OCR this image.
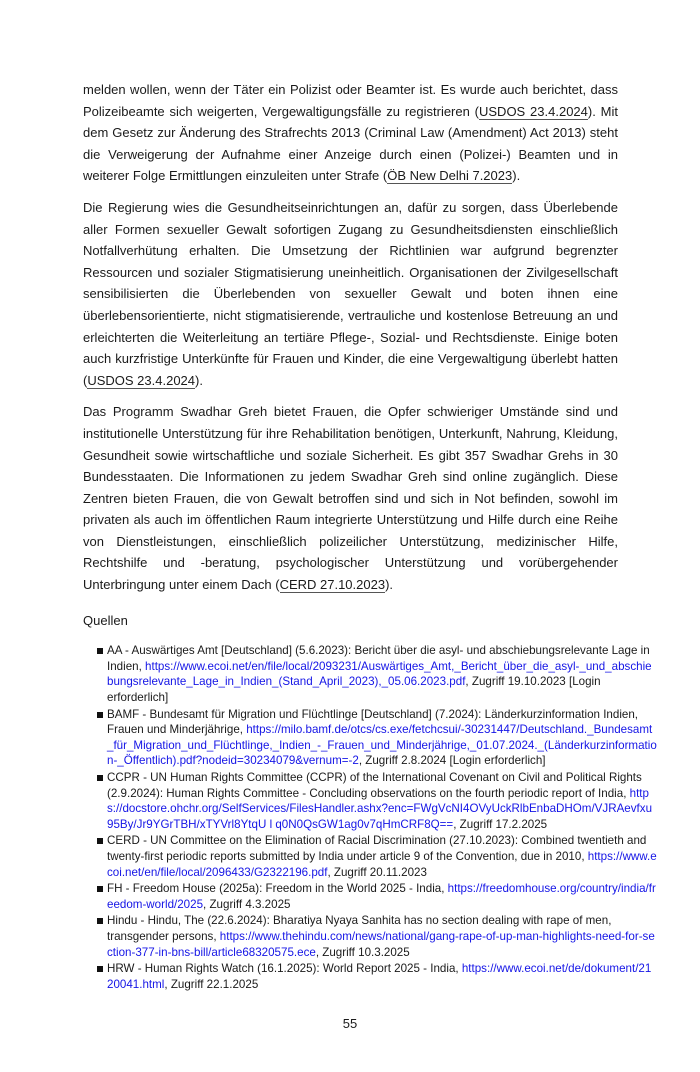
melden wollen, wenn der Täter ein Polizist oder Beamter ist. Es wurde auch berichtet, dass Polizeibeamte sich weigerten, Vergewaltigungsfälle zu registrieren (USDOS 23.4.2024). Mit dem Gesetz zur Änderung des Strafrechts 2013 (Criminal Law (Amendment) Act 2013) steht die Verweigerung der Aufnahme einer Anzeige durch einen (Polizei-) Beamten und in weiterer Folge Ermittlungen einzuleiten unter Strafe (ÖB New Delhi 7.2023).

Die Regierung wies die Gesundheitseinrichtungen an, dafür zu sorgen, dass Überlebende aller Formen sexueller Gewalt sofortigen Zugang zu Gesundheitsdiensten einschließlich Notfallverhütung erhalten. Die Umsetzung der Richtlinien war aufgrund begrenzter Ressourcen und sozialer Stigmatisierung uneinheitlich. Organisationen der Zivilgesellschaft sensibilisierten die Überlebenden von sexueller Gewalt und boten ihnen eine überlebensorientierte, nicht stigmatisierende, vertrauliche und kostenlose Betreuung an und erleichterten die Weiterleitung an tertiäre Pflege-, Sozial- und Rechtsdienste. Einige boten auch kurzfristige Unterkünfte für Frauen und Kinder, die eine Vergewaltigung überlebt hatten (USDOS 23.4.2024).

Das Programm Swadhar Greh bietet Frauen, die Opfer schwieriger Umstände sind und institutionelle Unterstützung für ihre Rehabilitation benötigen, Unterkunft, Nahrung, Kleidung, Gesundheit sowie wirtschaftliche und soziale Sicherheit. Es gibt 357 Swadhar Grehs in 30 Bundesstaaten. Die Informationen zu jedem Swadhar Greh sind online zugänglich. Diese Zentren bieten Frauen, die von Gewalt betroffen sind und sich in Not befinden, sowohl im privaten als auch im öffentlichen Raum integrierte Unterstützung und Hilfe durch eine Reihe von Dienstleistungen, einschließlich polizeilicher Unterstützung, medizinischer Hilfe, Rechtshilfe und -beratung, psychologischer Unterstützung und vorübergehender Unterbringung unter einem Dach (CERD 27.10.2023).

Quellen

AA - Auswärtiges Amt [Deutschland] (5.6.2023): Bericht über die asyl- und abschiebungsrelevante Lage in Indien, https://www.ecoi.net/en/file/local/2093231/Auswärtiges_Amt,_Bericht_über_die_asyl-_und_abschiebungsrelevante_Lage_in_Indien_(Stand_April_2023),_05.06.2023.pdf, Zugriff 19.10.2023 [Login erforderlich]
BAMF - Bundesamt für Migration und Flüchtlinge [Deutschland] (7.2024): Länderkurzinformation Indien, Frauen und Minderjährige, https://milo.bamf.de/otcs/cs.exe/fetchcsui/-30231447/Deutschland._Bundesamt_für_Migration_und_Flüchtlinge,_Indien_-_Frauen_und_Minderjährige,_01.07.2024._(Länderkurzinformation-_Öffentlich).pdf?nodeid=30234079&vernum=-2, Zugriff 2.8.2024 [Login erforderlich]
CCPR - UN Human Rights Committee (CCPR) of the International Covenant on Civil and Political Rights (2.9.2024): Human Rights Committee - Concluding observations on the fourth periodic report of India, https://docstore.ohchr.org/SelfServices/FilesHandler.ashx?enc=FWgVcNI4OVyUckRlbEnbaDHOm/VJRAevfxu95By/Jr9YGrTBH/xTYVrl8YtqU l q0N0QsGW1ag0v7qHmCRF8Q==, Zugriff 17.2.2025
CERD - UN Committee on the Elimination of Racial Discrimination (27.10.2023): Combined twentieth and twenty-first periodic reports submitted by India under article 9 of the Convention, due in 2010, https://www.ecoi.net/en/file/local/2096433/G2322196.pdf, Zugriff 20.11.2023
FH - Freedom House (2025a): Freedom in the World 2025 - India, https://freedomhouse.org/country/india/freedom-world/2025, Zugriff 4.3.2025
Hindu - Hindu, The (22.6.2024): Bharatiya Nyaya Sanhita has no section dealing with rape of men, transgender persons, https://www.thehindu.com/news/national/gang-rape-of-up-man-highlights-need-for-section-377-in-bns-bill/article68320575.ece, Zugriff 10.3.2025
HRW - Human Rights Watch (16.1.2025): World Report 2025 - India, https://www.ecoi.net/de/dokument/2120041.html, Zugriff 22.1.2025
55
